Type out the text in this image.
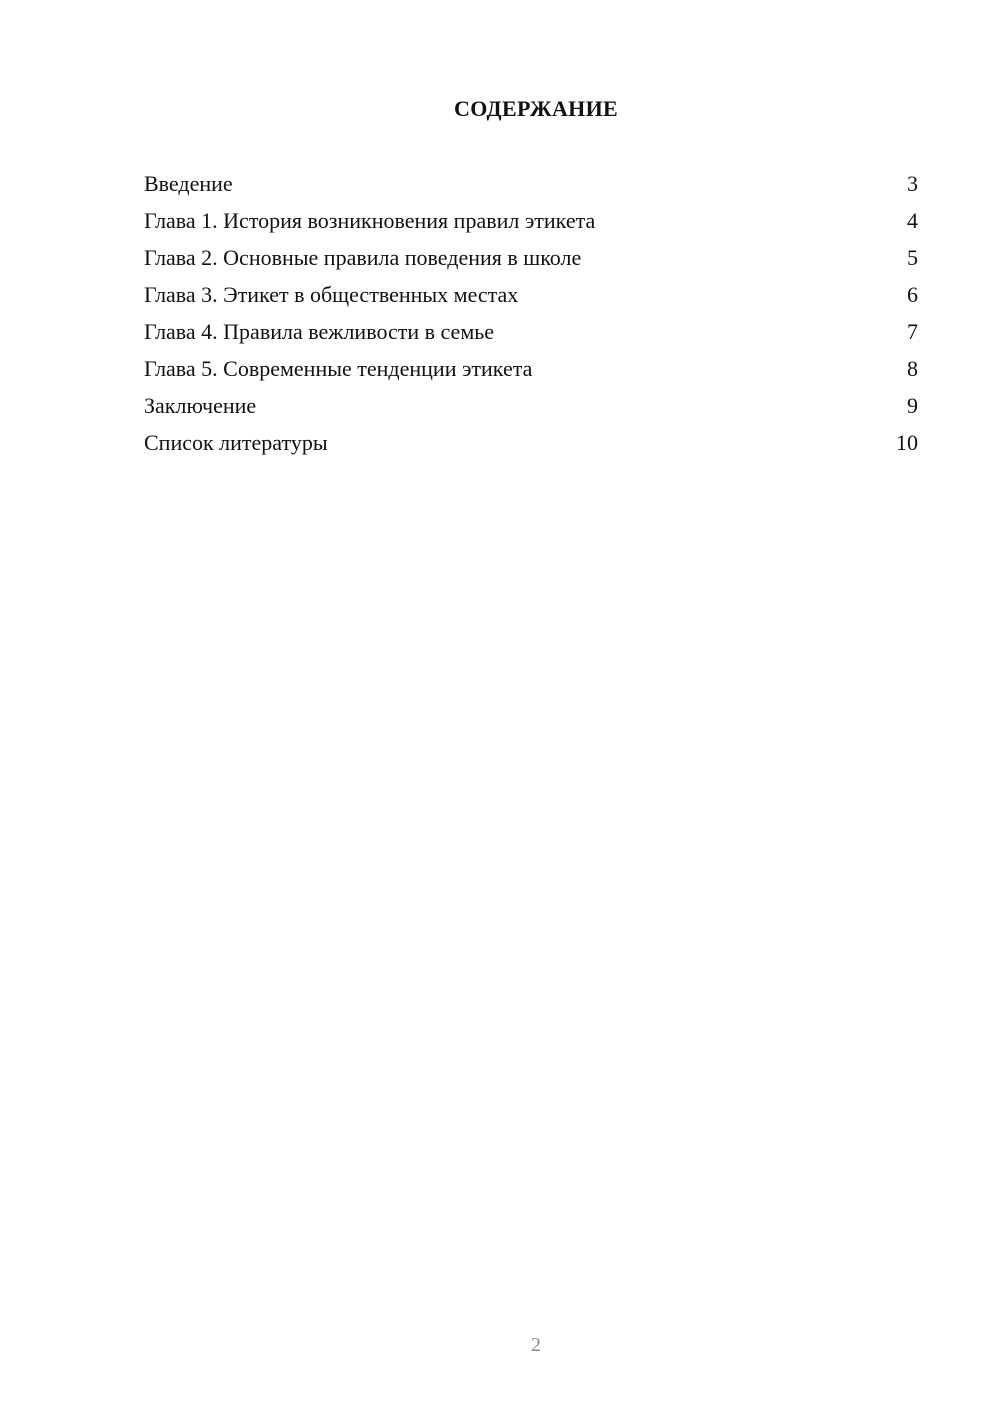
СОДЕРЖАНИЕ
Введение	3
Глава 1. История возникновения правил этикета	4
Глава 2. Основные правила поведения в школе	5
Глава 3. Этикет в общественных местах	6
Глава 4. Правила вежливости в семье	7
Глава 5. Современные тенденции этикета	8
Заключение	9
Список литературы	10
2
